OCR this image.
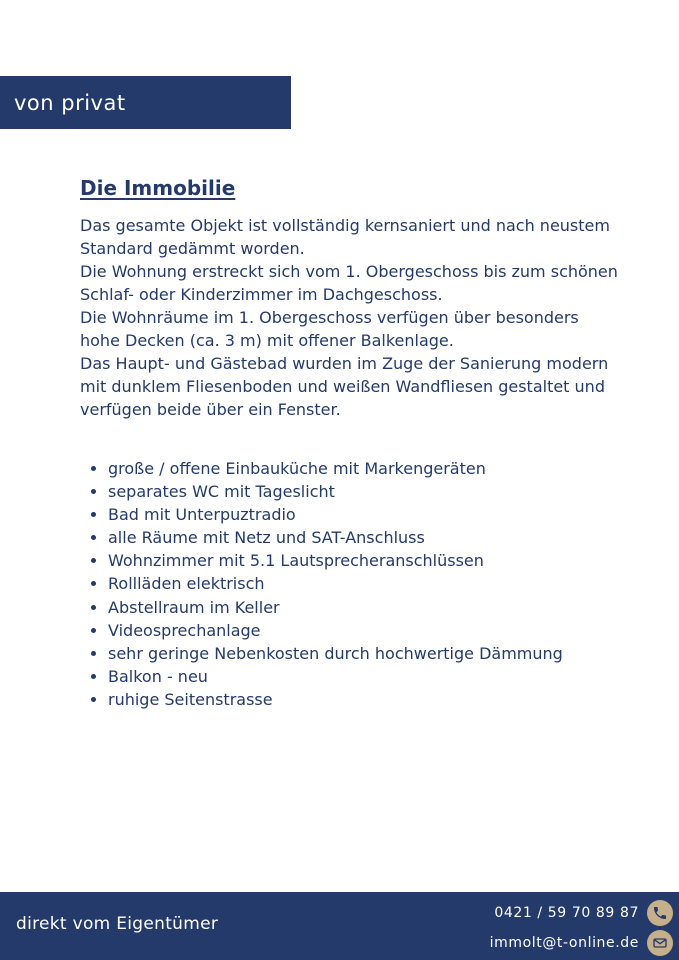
von privat
Die Immobilie

Das gesamte Objekt ist vollständig kernsaniert und nach neustem Standard gedämmt worden.

Die Wohnung erstreckt sich vom 1. Obergeschoss bis zum schönen Schlaf- oder Kinderzimmer im Dachgeschoss.

Die Wohnräume im 1. Obergeschoss verfügen über besonders hohe Decken (ca. 3 m) mit offener Balkenlage.

Das Haupt- und Gästebad wurden im Zuge der Sanierung modern mit dunklem Fliesenboden und weißen Wandfliesen gestaltet und verfügen beide über ein Fenster.

• große / offene Einbauküche mit Markengeräten
• separates WC mit Tageslicht
• Bad mit Unterpuztradio
• alle Räume mit Netz und SAT-Anschluss
• Wohnzimmer mit 5.1 Lautsprecheranschlüssen
• Rollläden elektrisch
• Abstellraum im Keller
• Videosprechanlage
• sehr geringe Nebenkosten durch hochwertige Dämmung
• Balkon - neu
• ruhige Seitenstrasse
direkt vom Eigentümer
0421 / 59 70 89 87
immolt@t-online.de
